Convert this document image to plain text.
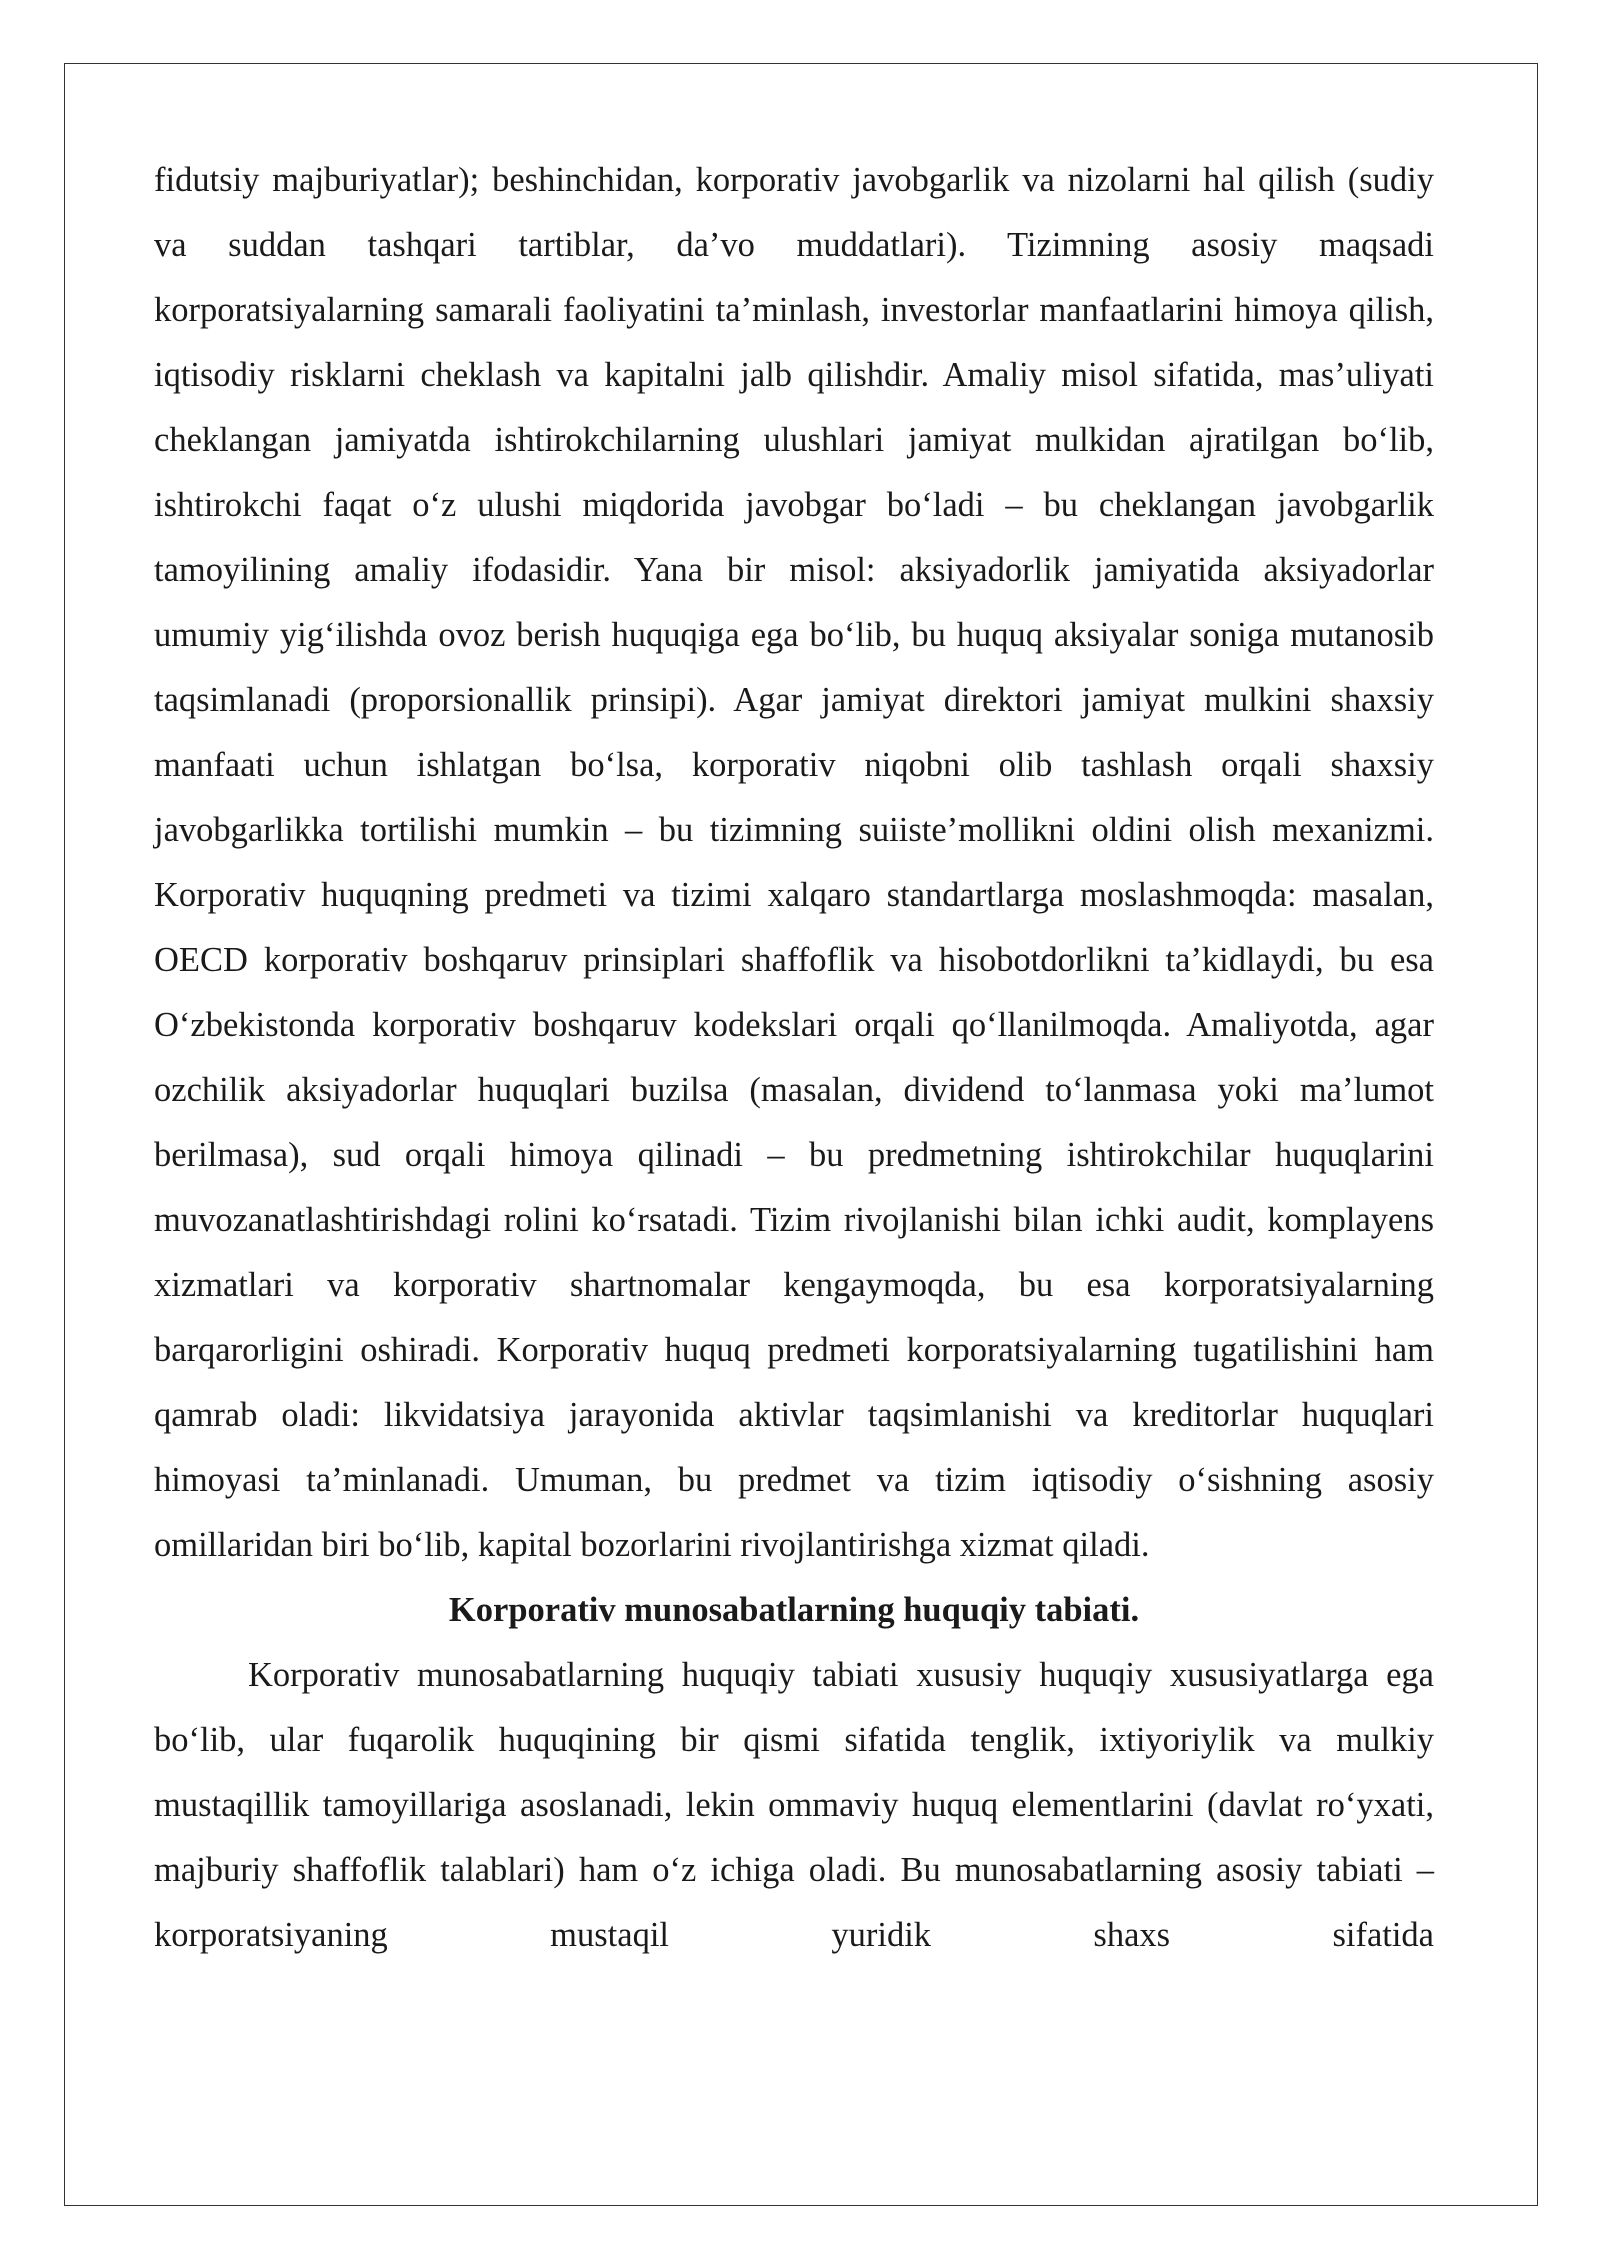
fidutsiy majburiyatlar); beshinchidan, korporativ javobgarlik va nizolarni hal qilish (sudiy va suddan tashqari tartiblar, da’vo muddatlari). Tizimning asosiy maqsadi korporatsiyalarning samarali faoliyatini ta’minlash, investorlar manfaatlarini himoya qilish, iqtisodiy risklarni cheklash va kapitalni jalb qilishdir. Amaliy misol sifatida, mas’uliyati cheklangan jamiyatda ishtirokchilarning ulushlari jamiyat mulkidan ajratilgan bo‘lib, ishtirokchi faqat o‘z ulushi miqdorida javobgar bo‘ladi – bu cheklangan javobgarlik tamoyilining amaliy ifodasidir. Yana bir misol: aksiyadorlik jamiyatida aksiyadorlar umumiy yig‘ilishda ovoz berish huquqiga ega bo‘lib, bu huquq aksiyalar soniga mutanosib taqsimlanadi (proporsionallik prinsipi). Agar jamiyat direktori jamiyat mulkini shaxsiy manfaati uchun ishlatgan bo‘lsa, korporativ niqobni olib tashlash orqali shaxsiy javobgarlikka tortilishi mumkin – bu tizimning suiiste’mollikni oldini olish mexanizmi. Korporativ huquqning predmeti va tizimi xalqaro standartlarga moslashmoqda: masalan, OECD korporativ boshqaruv prinsiplari shaffoflik va hisobotdorlikni ta’kidlaydi, bu esa O‘zbekistonda korporativ boshqaruv kodekslari orqali qo‘llanilmoqda. Amaliyotda, agar ozchilik aksiyadorlar huquqlari buzilsa (masalan, dividend to‘lanmasa yoki ma’lumot berilmasa), sud orqali himoya qilinadi – bu predmetning ishtirokchilar huquqlarini muvozanatlashtirishdagi rolini ko‘rsatadi. Tizim rivojlanishi bilan ichki audit, komplayens xizmatlari va korporativ shartnomalar kengaymoqda, bu esa korporatsiyalarning barqarorligini oshiradi. Korporativ huquq predmeti korporatsiyalarning tugatilishini ham qamrab oladi: likvidatsiya jarayonida aktivlar taqsimlanishi va kreditorlar huquqlari himoyasi ta’minlanadi. Umuman, bu predmet va tizim iqtisodiy o‘sishning asosiy omillaridan biri bo‘lib, kapital bozorlarini rivojlantirishga xizmat qiladi.

Korporativ munosabatlarning huquqiy tabiati.

Korporativ munosabatlarning huquqiy tabiati xususiy huquqiy xususiyatlarga ega bo‘lib, ular fuqarolik huquqining bir qismi sifatida tenglik, ixtiyoriylik va mulkiy mustaqillik tamoyillariga asoslanadi, lekin ommaviy huquq elementlarini (davlat ro‘yxati, majburiy shaffoflik talablari) ham o‘z ichiga oladi. Bu munosabatlarning asosiy tabiati – korporatsiyaning mustaqil yuridik shaxs sifatida
